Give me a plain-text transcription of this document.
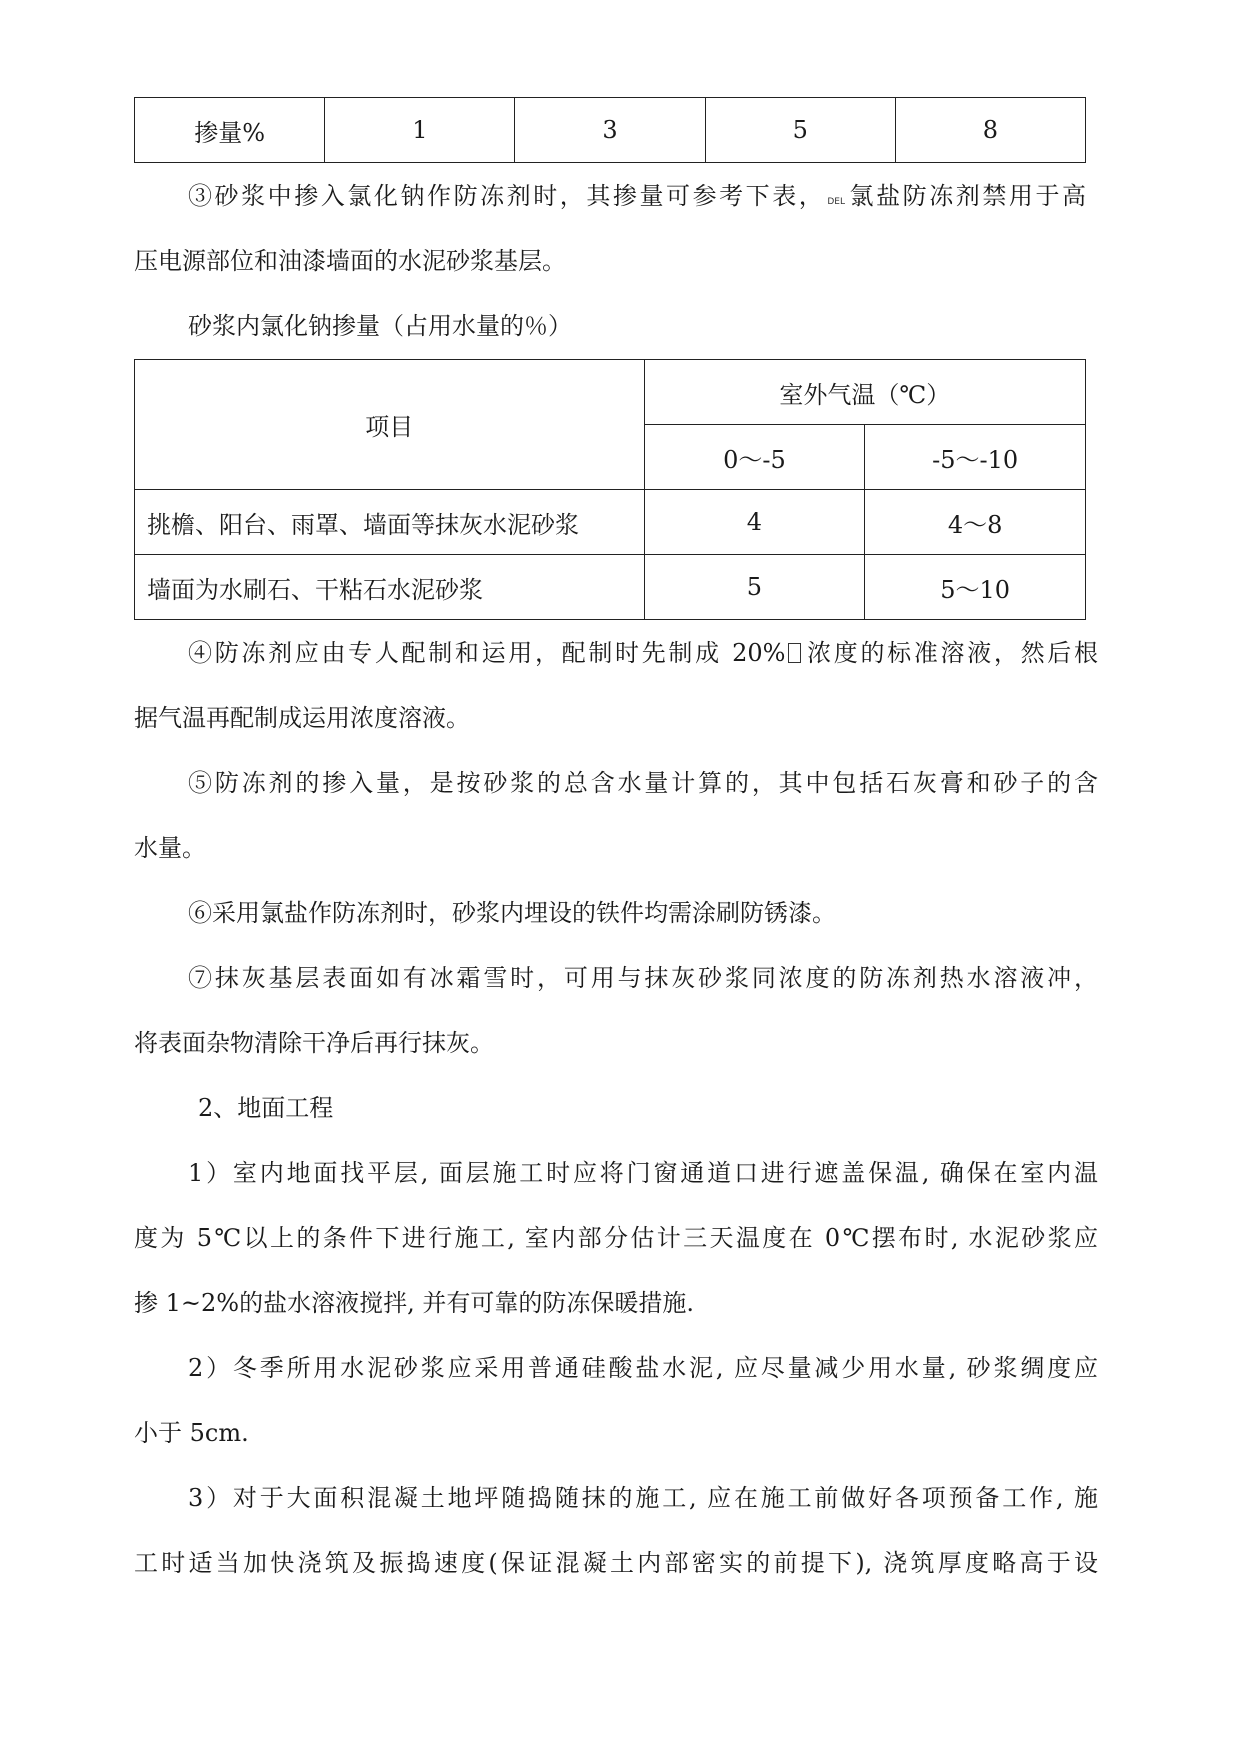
掺量%	1	3	5	8
③砂浆中掺入氯化钠作防冻剂时，其掺量可参考下表， DEL氯盐防冻剂禁用于高
压电源部位和油漆墙面的水泥砂浆基层。
砂浆内氯化钠掺量（占用水量的％）
项目	室外气温（℃）	
	0～-5	-5～-10
挑檐、阳台、雨罩、墙面等抹灰水泥砂浆	4	4～8
墙面为水刷石、干粘石水泥砂浆	5	5～10
④防冻剂应由专人配制和运用，配制时先制成 20% 浓度的标准溶液，然后根
据气温再配制成运用浓度溶液。
⑤防冻剂的掺入量，是按砂浆的总含水量计算的，其中包括石灰膏和砂子的含
水量。
⑥采用氯盐作防冻剂时，砂浆内埋设的铁件均需涂刷防锈漆。
⑦抹灰基层表面如有冰霜雪时，可用与抹灰砂浆同浓度的防冻剂热水溶液冲，
将表面杂物清除干净后再行抹灰。
2、地面工程
1）室内地面找平层, 面层施工时应将门窗通道口进行遮盖保温, 确保在室内温
度为 5℃以上的条件下进行施工, 室内部分估计三天温度在 0℃摆布时, 水泥砂浆应
掺 1~2%的盐水溶液搅拌, 并有可靠的防冻保暖措施.
2）冬季所用水泥砂浆应采用普通硅酸盐水泥, 应尽量减少用水量, 砂浆绸度应
小于 5cm.
3）对于大面积混凝土地坪随捣随抹的施工, 应在施工前做好各项预备工作, 施
工时适当加快浇筑及振捣速度(保证混凝土内部密实的前提下), 浇筑厚度略高于设
